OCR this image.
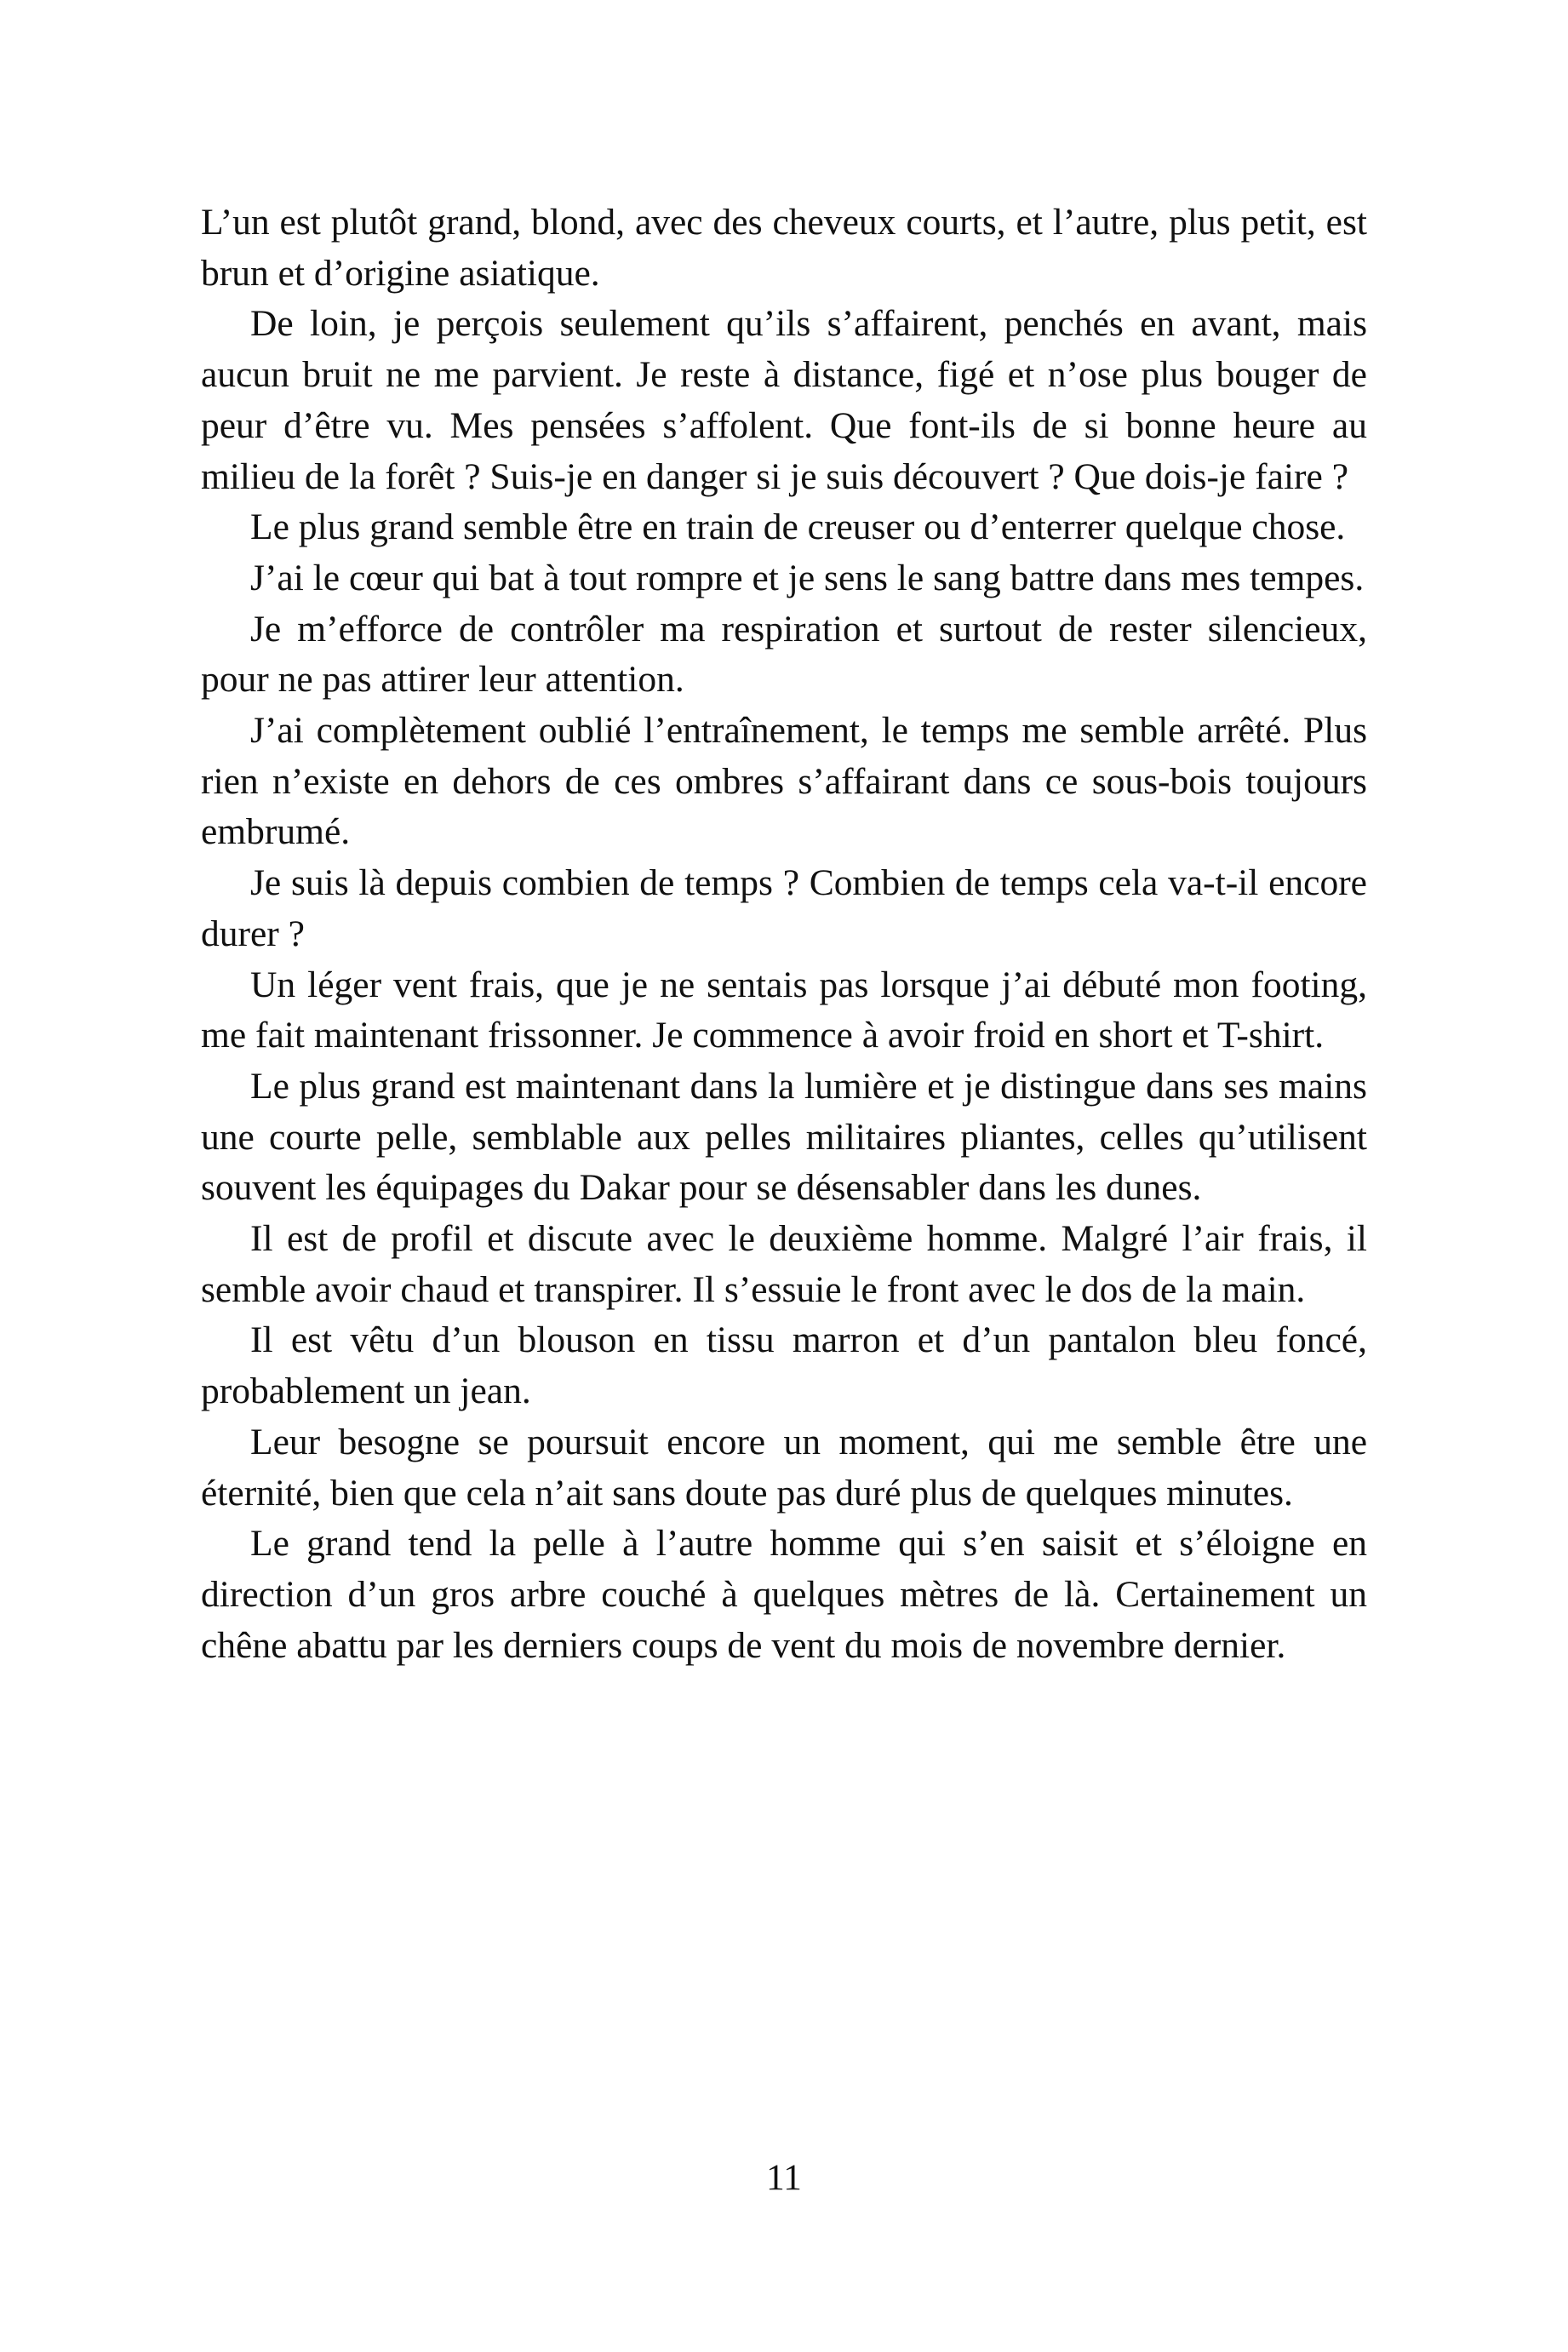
L’un est plutôt grand, blond, avec des cheveux courts, et l’autre, plus petit, est brun et d’origine asiatique.

De loin, je perçois seulement qu’ils s’affairent, penchés en avant, mais aucun bruit ne me parvient. Je reste à distance, figé et n’ose plus bouger de peur d’être vu. Mes pensées s’affolent. Que font-ils de si bonne heure au milieu de la forêt ? Suis-je en danger si je suis découvert ? Que dois-je faire ?

Le plus grand semble être en train de creuser ou d’enterrer quelque chose.

J’ai le cœur qui bat à tout rompre et je sens le sang battre dans mes tempes.

Je m’efforce de contrôler ma respiration et surtout de rester silencieux, pour ne pas attirer leur attention.

J’ai complètement oublié l’entraînement, le temps me semble arrêté. Plus rien n’existe en dehors de ces ombres s’affairant dans ce sous-bois toujours embrumé.

Je suis là depuis combien de temps ? Combien de temps cela va-t-il encore durer ?

Un léger vent frais, que je ne sentais pas lorsque j’ai débuté mon footing, me fait maintenant frissonner. Je commence à avoir froid en short et T-shirt.

Le plus grand est maintenant dans la lumière et je distingue dans ses mains une courte pelle, semblable aux pelles militaires pliantes, celles qu’utilisent souvent les équipages du Dakar pour se désensabler dans les dunes.

Il est de profil et discute avec le deuxième homme. Malgré l’air frais, il semble avoir chaud et transpirer. Il s’essuie le front avec le dos de la main.

Il est vêtu d’un blouson en tissu marron et d’un pantalon bleu foncé, probablement un jean.

Leur besogne se poursuit encore un moment, qui me semble être une éternité, bien que cela n’ait sans doute pas duré plus de quelques minutes.

Le grand tend la pelle à l’autre homme qui s’en saisit et s’éloigne en direction d’un gros arbre couché à quelques mètres de là. Certainement un chêne abattu par les derniers coups de vent du mois de novembre dernier.

11
